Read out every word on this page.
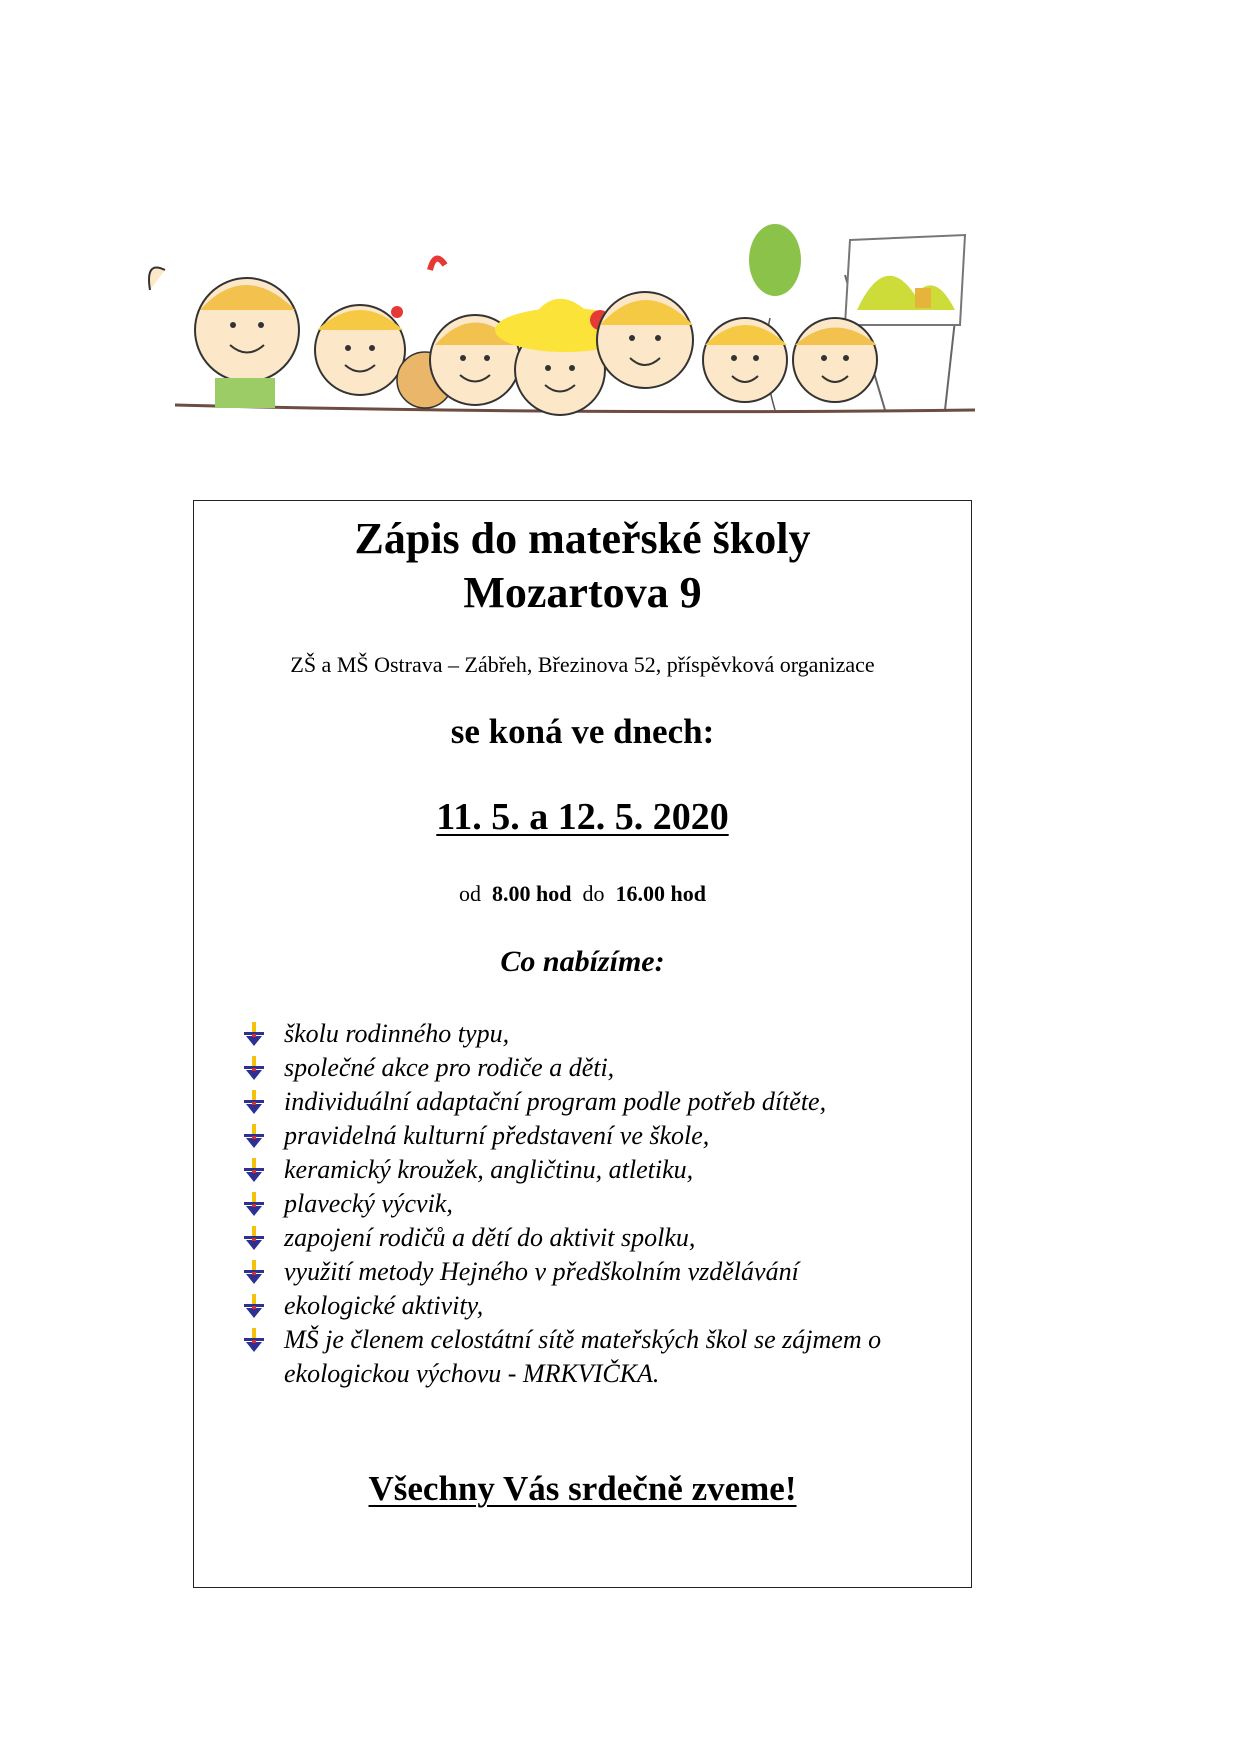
Zápis do mateřské školy
Mozartova 9
ZŠ a MŠ Ostrava – Zábřeh, Březinova 52, příspěvková organizace
se koná ve dnech:
11. 5. a 12. 5. 2020
od 8.00 hod do 16.00 hod
Co nabízíme:
školu rodinného typu,
společné akce pro rodiče a děti,
individuální adaptační program podle potřeb dítěte,
pravidelná kulturní představení ve škole,
keramický kroužek, angličtinu, atletiku,
plavecký výcvik,
zapojení rodičů a dětí do aktivit spolku,
využití metody Hejného v předškolním vzdělávání
ekologické aktivity,
MŠ je členem celostátní sítě mateřských škol se zájmem o ekologickou výchovu - MRKVIČKA.
Všechny Vás srdečně zveme!
